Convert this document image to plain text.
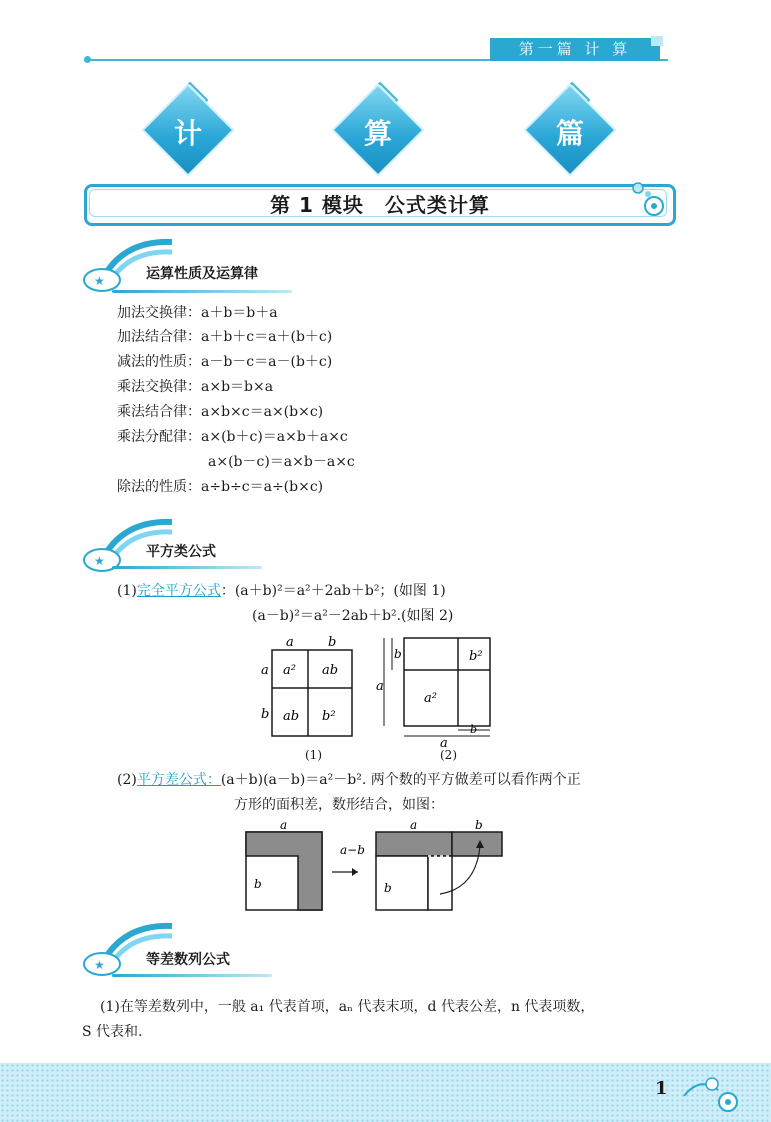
第一篇 计 算
计	算	篇
第 1 模块　公式类计算
★	运算性质及运算律
加法交换律：a＋b＝b＋a
加法结合律：a＋b＋c＝a＋(b＋c)
减法的性质：a－b－c＝a－(b＋c)
乘法交换律：a×b＝b×a
乘法结合律：a×b×c＝a×(b×c)
乘法分配律：a×(b＋c)＝a×b＋a×c
a×(b－c)＝a×b－a×c
除法的性质：a÷b÷c＝a÷(b×c)
★
平方类公式
(1)完全平方公式：(a＋b)²＝a²＋2ab＋b²；(如图 1)
(a－b)²＝a²－2ab＋b².(如图 2)
a	b
a
b
a² ab
ab b²
(1)
b
a
b²
a²
b
a
(2)
(2)平方差公式：(a＋b)(a－b)＝a²－b². 两个数的平方做差可以看作两个正
方形的面积差，数形结合，如图：
a
b
a−b
a	b
b
★	等差数列公式
(1)在等差数列中，一般 a₁ 代表首项，aₙ 代表末项，d 代表公差，n 代表项数，
S 代表和.
1
